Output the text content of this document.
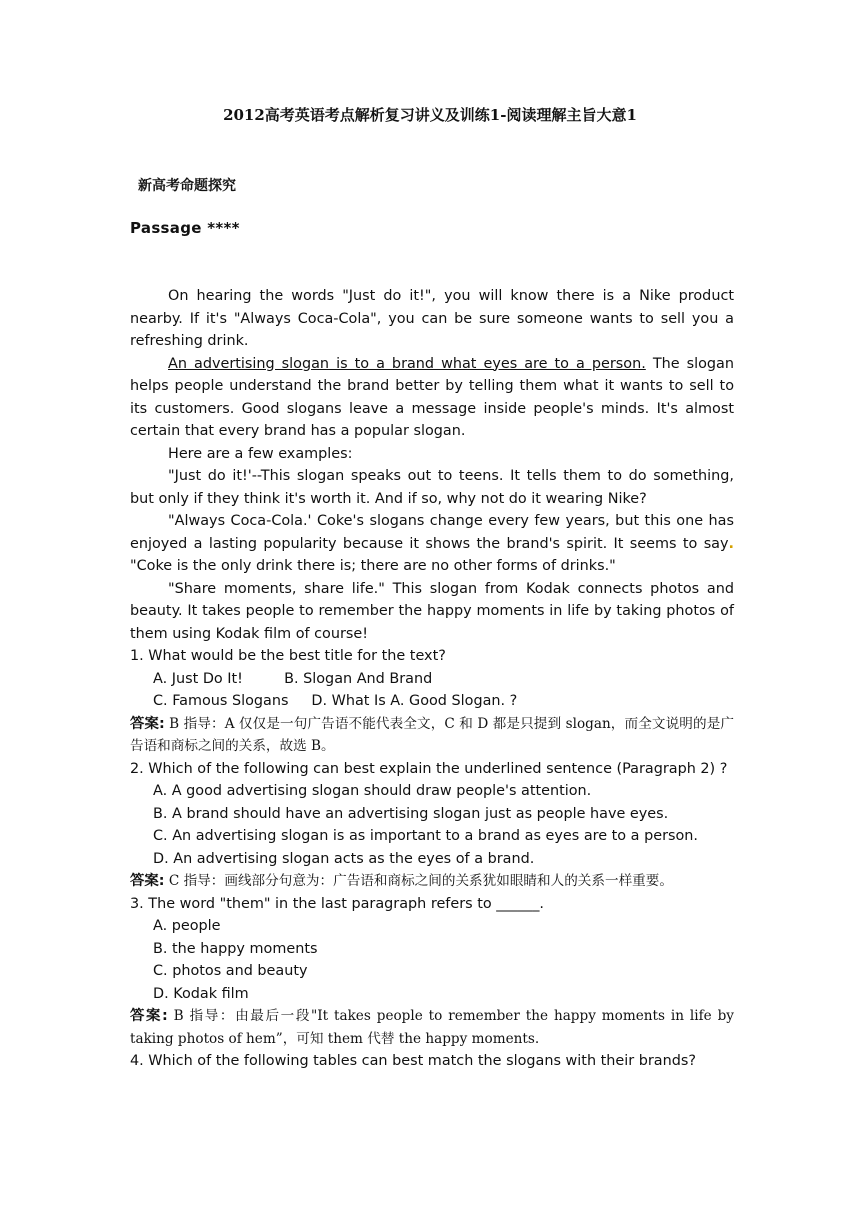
2012高考英语考点解析复习讲义及训练1-阅读理解主旨大意1
新高考命题探究
Passage ****

On hearing the words "Just do it!", you will know there is a Nike product nearby. If it's "Always Coca-Cola", you can be sure someone wants to sell you a refreshing drink.

An advertising slogan is to a brand what eyes are to a person. The slogan helps people understand the brand better by telling them what it wants to sell to its customers. Good slogans leave a message inside people's minds. It's almost certain that every brand has a popular slogan.

Here are a few examples:

"Just do it!'--This slogan speaks out to teens. It tells them to do something, but only if they think it's worth it. And if so, why not do it wearing Nike?

"Always Coca-Cola.' Coke's slogans change every few years, but this one has enjoyed a lasting popularity because it shows the brand's spirit. It seems to say. "Coke is the only drink there is; there are no other forms of drinks."

"Share moments, share life." This slogan from Kodak connects photos and beauty. It takes people to remember the happy moments in life by taking photos of them using Kodak film of course!

1. What would be the best title for the text?

A. Just Do It!         B. Slogan And Brand
C. Famous Slogans     D. What Is A. Good Slogan. ?

答案: B 指导：A 仅仅是一句广告语不能代表全文，C 和 D 都是只提到 slogan，而全文说明的是广告语和商标之间的关系，故选 B。

2. Which of the following can best explain the underlined sentence (Paragraph 2) ?

A. A good advertising slogan should draw people's attention.
B. A brand should have an advertising slogan just as people have eyes.
C. An advertising slogan is as important to a brand as eyes are to a person.
D. An advertising slogan acts as the eyes of a brand.

答案: C 指导：画线部分句意为：广告语和商标之间的关系犹如眼睛和人的关系一样重要。

3. The word "them" in the last paragraph refers to ______.

A. people
B. the happy moments
C. photos and beauty
D. Kodak film

答案: B 指导：由最后一段"It takes people to remember the happy moments in life by taking photos of hem”，可知 them 代替 the happy moments.

4. Which of the following tables can best match the slogans with their brands?
